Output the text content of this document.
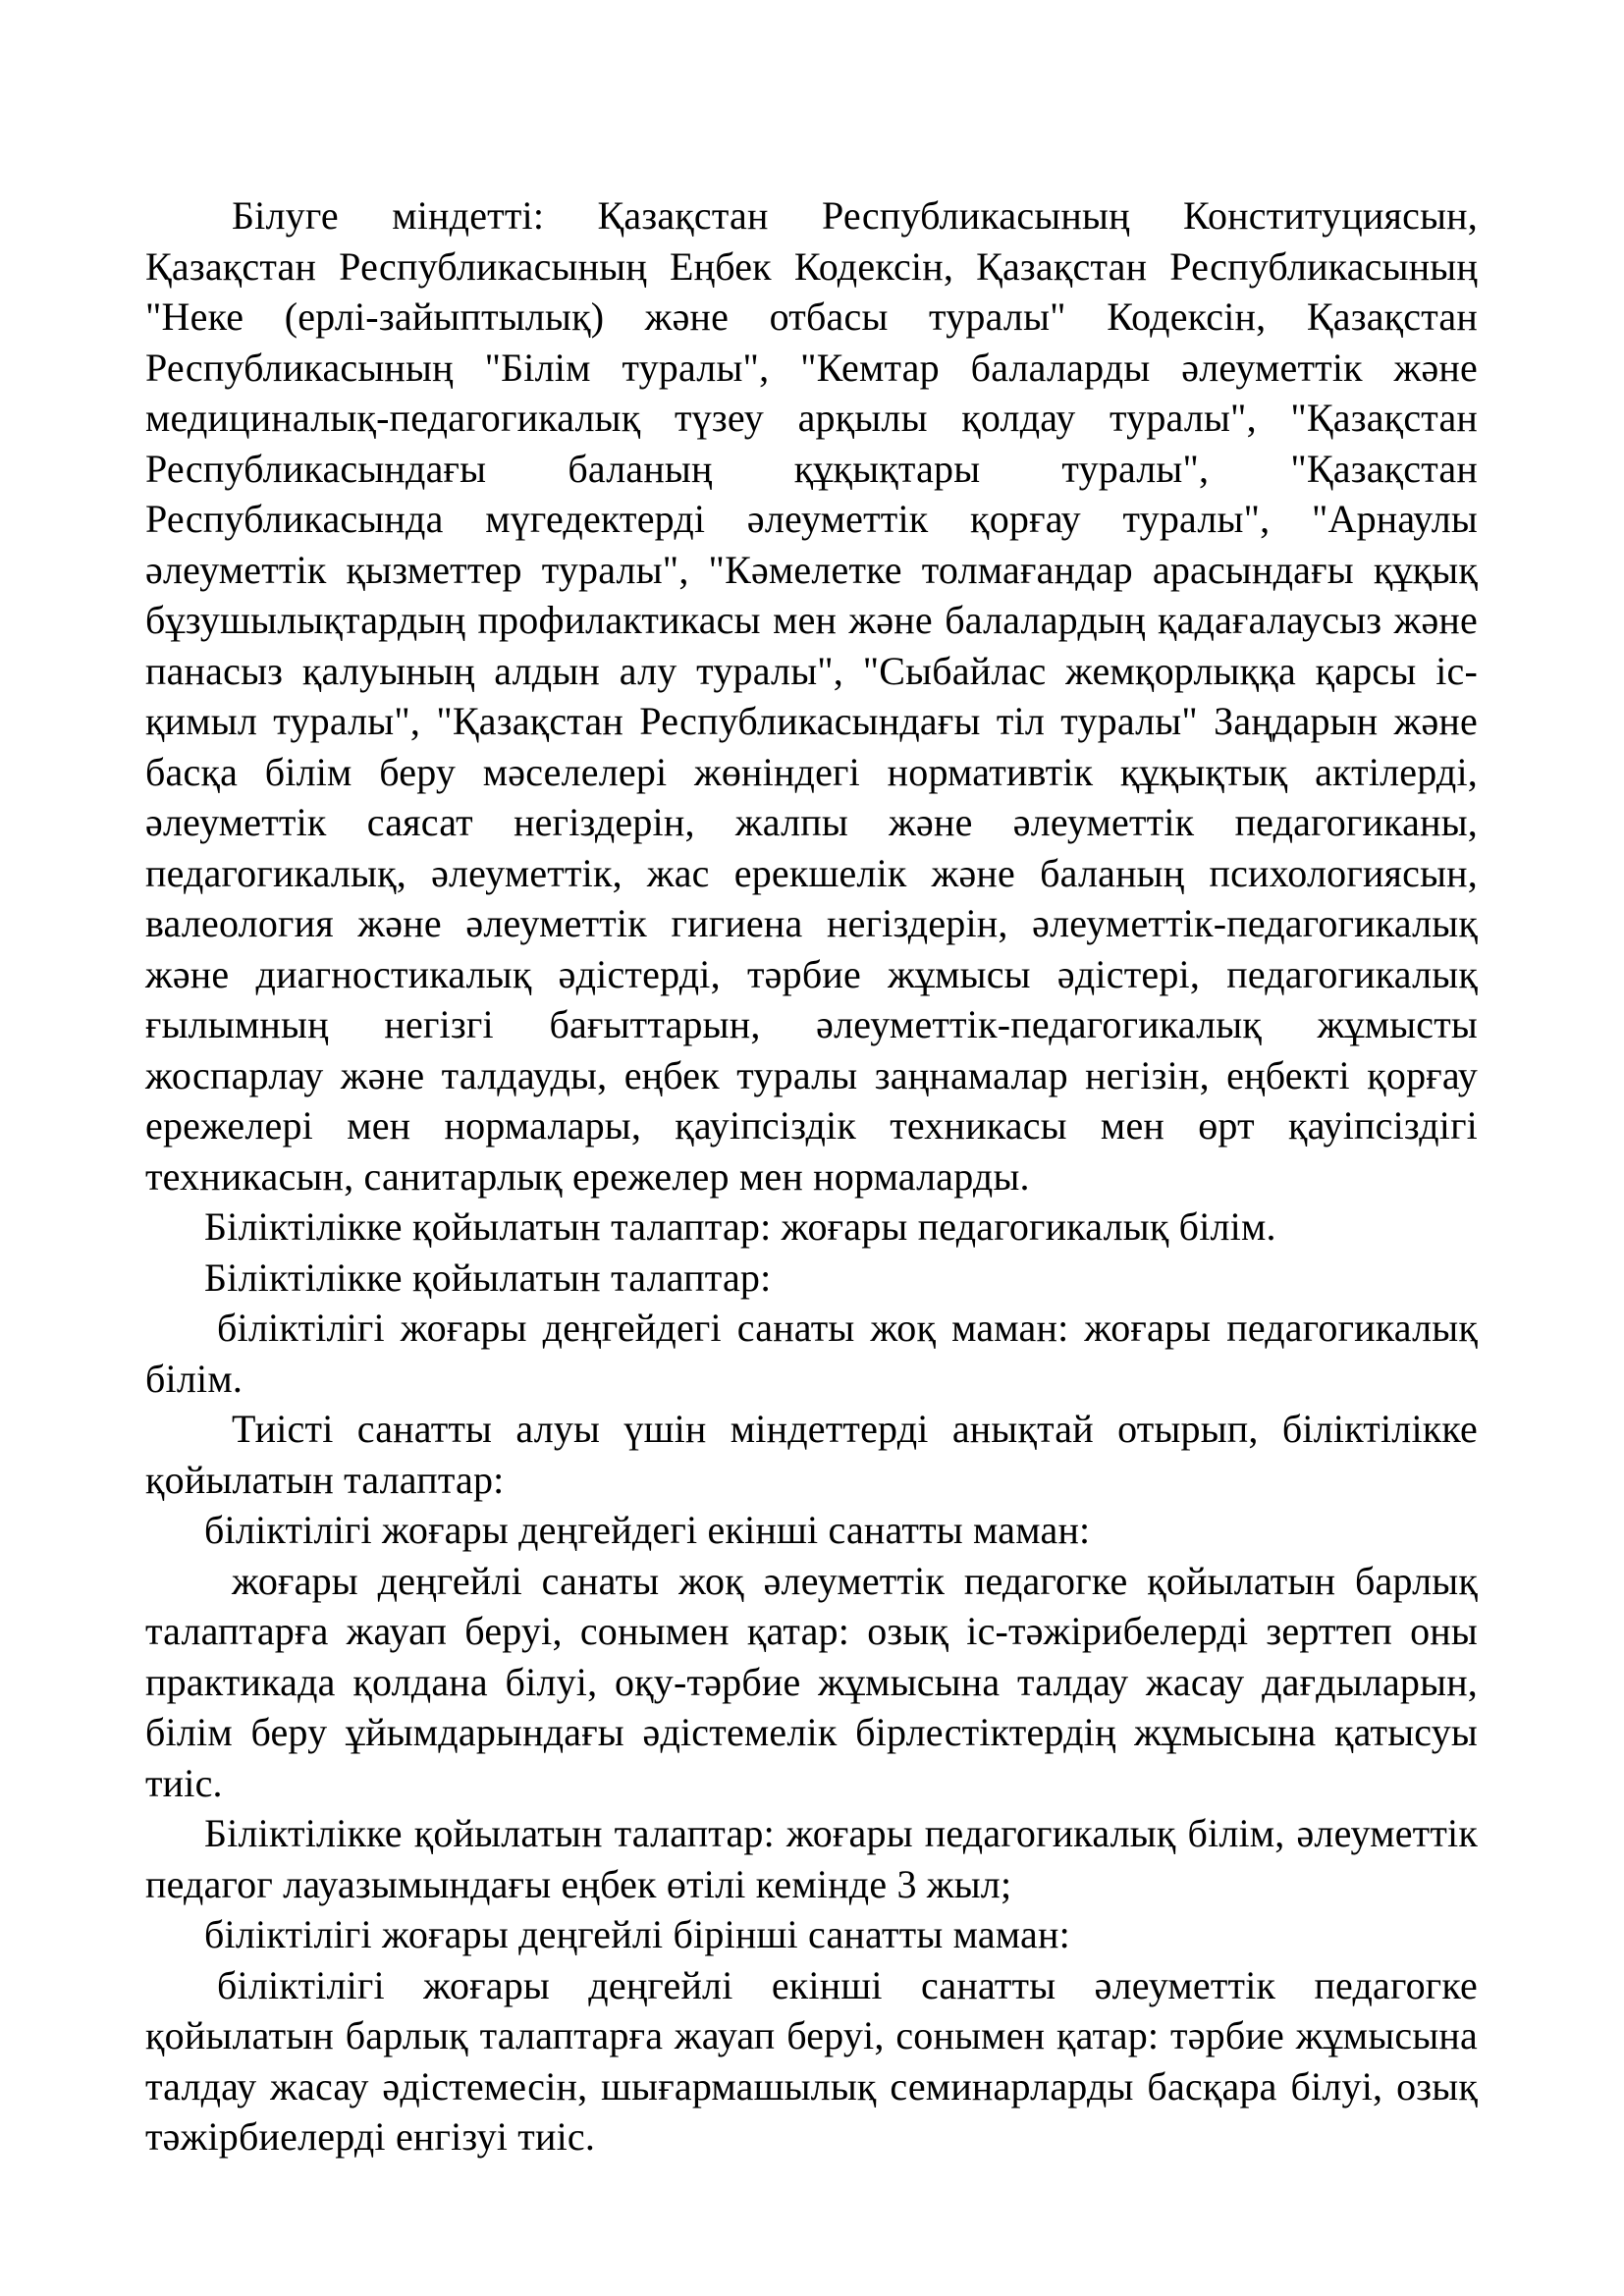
Білуге міндетті: Қазақстан Республикасының Конституциясын, Қазақстан Республикасының Еңбек Кодексін, Қазақстан Республикасының "Неке (ерлі-зайыптылық) және отбасы туралы" Кодексін, Қазақстан Республикасының "Білім туралы", "Кемтар балаларды әлеуметтік және медициналық-педагогикалық түзеу арқылы қолдау туралы", "Қазақстан Республикасындағы баланың құқықтары туралы", "Қазақстан Республикасында мүгедектерді әлеуметтік қорғау туралы", "Арнаулы әлеуметтік қызметтер туралы", "Кәмелетке толмағандар арасындағы құқық бұзушылықтардың профилактикасы мен және балалардың қадағалаусыз және панасыз қалуының алдын алу туралы", "Сыбайлас жемқорлыққа қарсы іс-қимыл туралы", "Қазақстан Республикасындағы тіл туралы" Заңдарын және басқа білім беру мәселелері жөніндегі нормативтік құқықтық актілерді, әлеуметтік саясат негіздерін, жалпы және әлеуметтік педагогиканы, педагогикалық, әлеуметтік, жас ерекшелік және баланың психологиясын, валеология және әлеуметтік гигиена негіздерін, әлеуметтік-педагогикалық және диагностикалық әдістерді, тәрбие жұмысы әдістері, педагогикалық ғылымның негізгі бағыттарын, әлеуметтік-педагогикалық жұмысты жоспарлау және талдауды, еңбек туралы заңнамалар негізін, еңбекті қорғау ережелері мен нормалары, қауіпсіздік техникасы мен өрт қауіпсіздігі техникасын, санитарлық ережелер мен нормаларды.

Біліктілікке қойылатын талаптар: жоғары педагогикалық білім.

Біліктілікке қойылатын талаптар:

біліктілігі жоғары деңгейдегі санаты жоқ маман: жоғары педагогикалық білім.

Тиісті санатты алуы үшін міндеттерді анықтай отырып, біліктілікке қойылатын талаптар:

біліктілігі жоғары деңгейдегі екінші санатты маман:

жоғары деңгейлі санаты жоқ әлеуметтік педагогке қойылатын барлық талаптарға жауап беруі, сонымен қатар: озық іс-тәжірибелерді зерттеп оны практикада қолдана білуі, оқу-тәрбие жұмысына талдау жасау дағдыларын, білім беру ұйымдарындағы әдістемелік бірлестіктердің жұмысына қатысуы тиіс.

Біліктілікке қойылатын талаптар: жоғары педагогикалық білім, әлеуметтік педагог лауазымындағы еңбек өтілі кемінде 3 жыл;

біліктілігі жоғары деңгейлі бірінші санатты маман:

біліктілігі жоғары деңгейлі екінші санатты әлеуметтік педагогке қойылатын барлық талаптарға жауап беруі, сонымен қатар: тәрбие жұмысына талдау жасау әдістемесін, шығармашылық семинарларды басқара білуі, озық тәжірбиелерді енгізуі тиіс.
